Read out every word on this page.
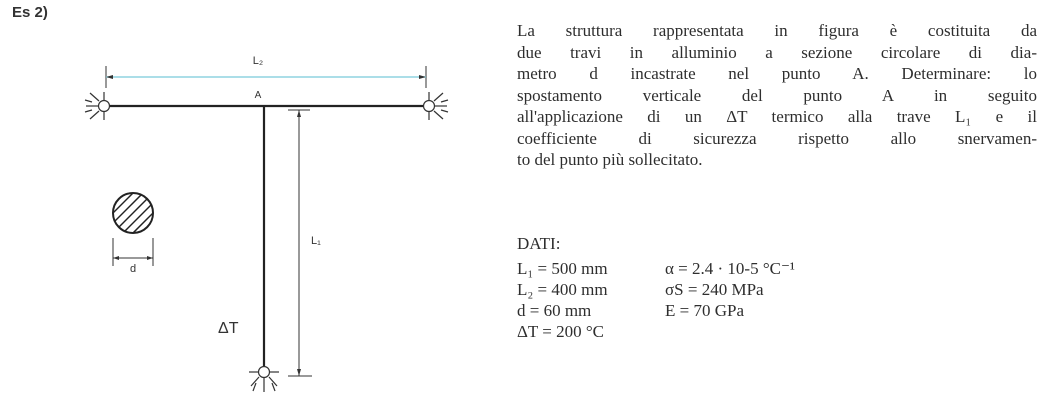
Es 2)
L₂
A
L₁
ΔT
d
La struttura rappresentata in figura è costituita da
due travi in alluminio a sezione circolare di dia-
metro d incastrate nel punto A. Determinare: lo
spostamento verticale del punto A in seguito
all'applicazione di un ΔT termico alla trave L₁ e il
coefficiente di sicurezza rispetto allo snervamen-
to del punto più sollecitato.
DATI:
L₁ = 500 mm	α = 2.4 · 10-5 °C⁻¹
L₂ = 400 mm	σS = 240 MPa
d = 60 mm	E = 70 GPa
ΔT = 200 °C
